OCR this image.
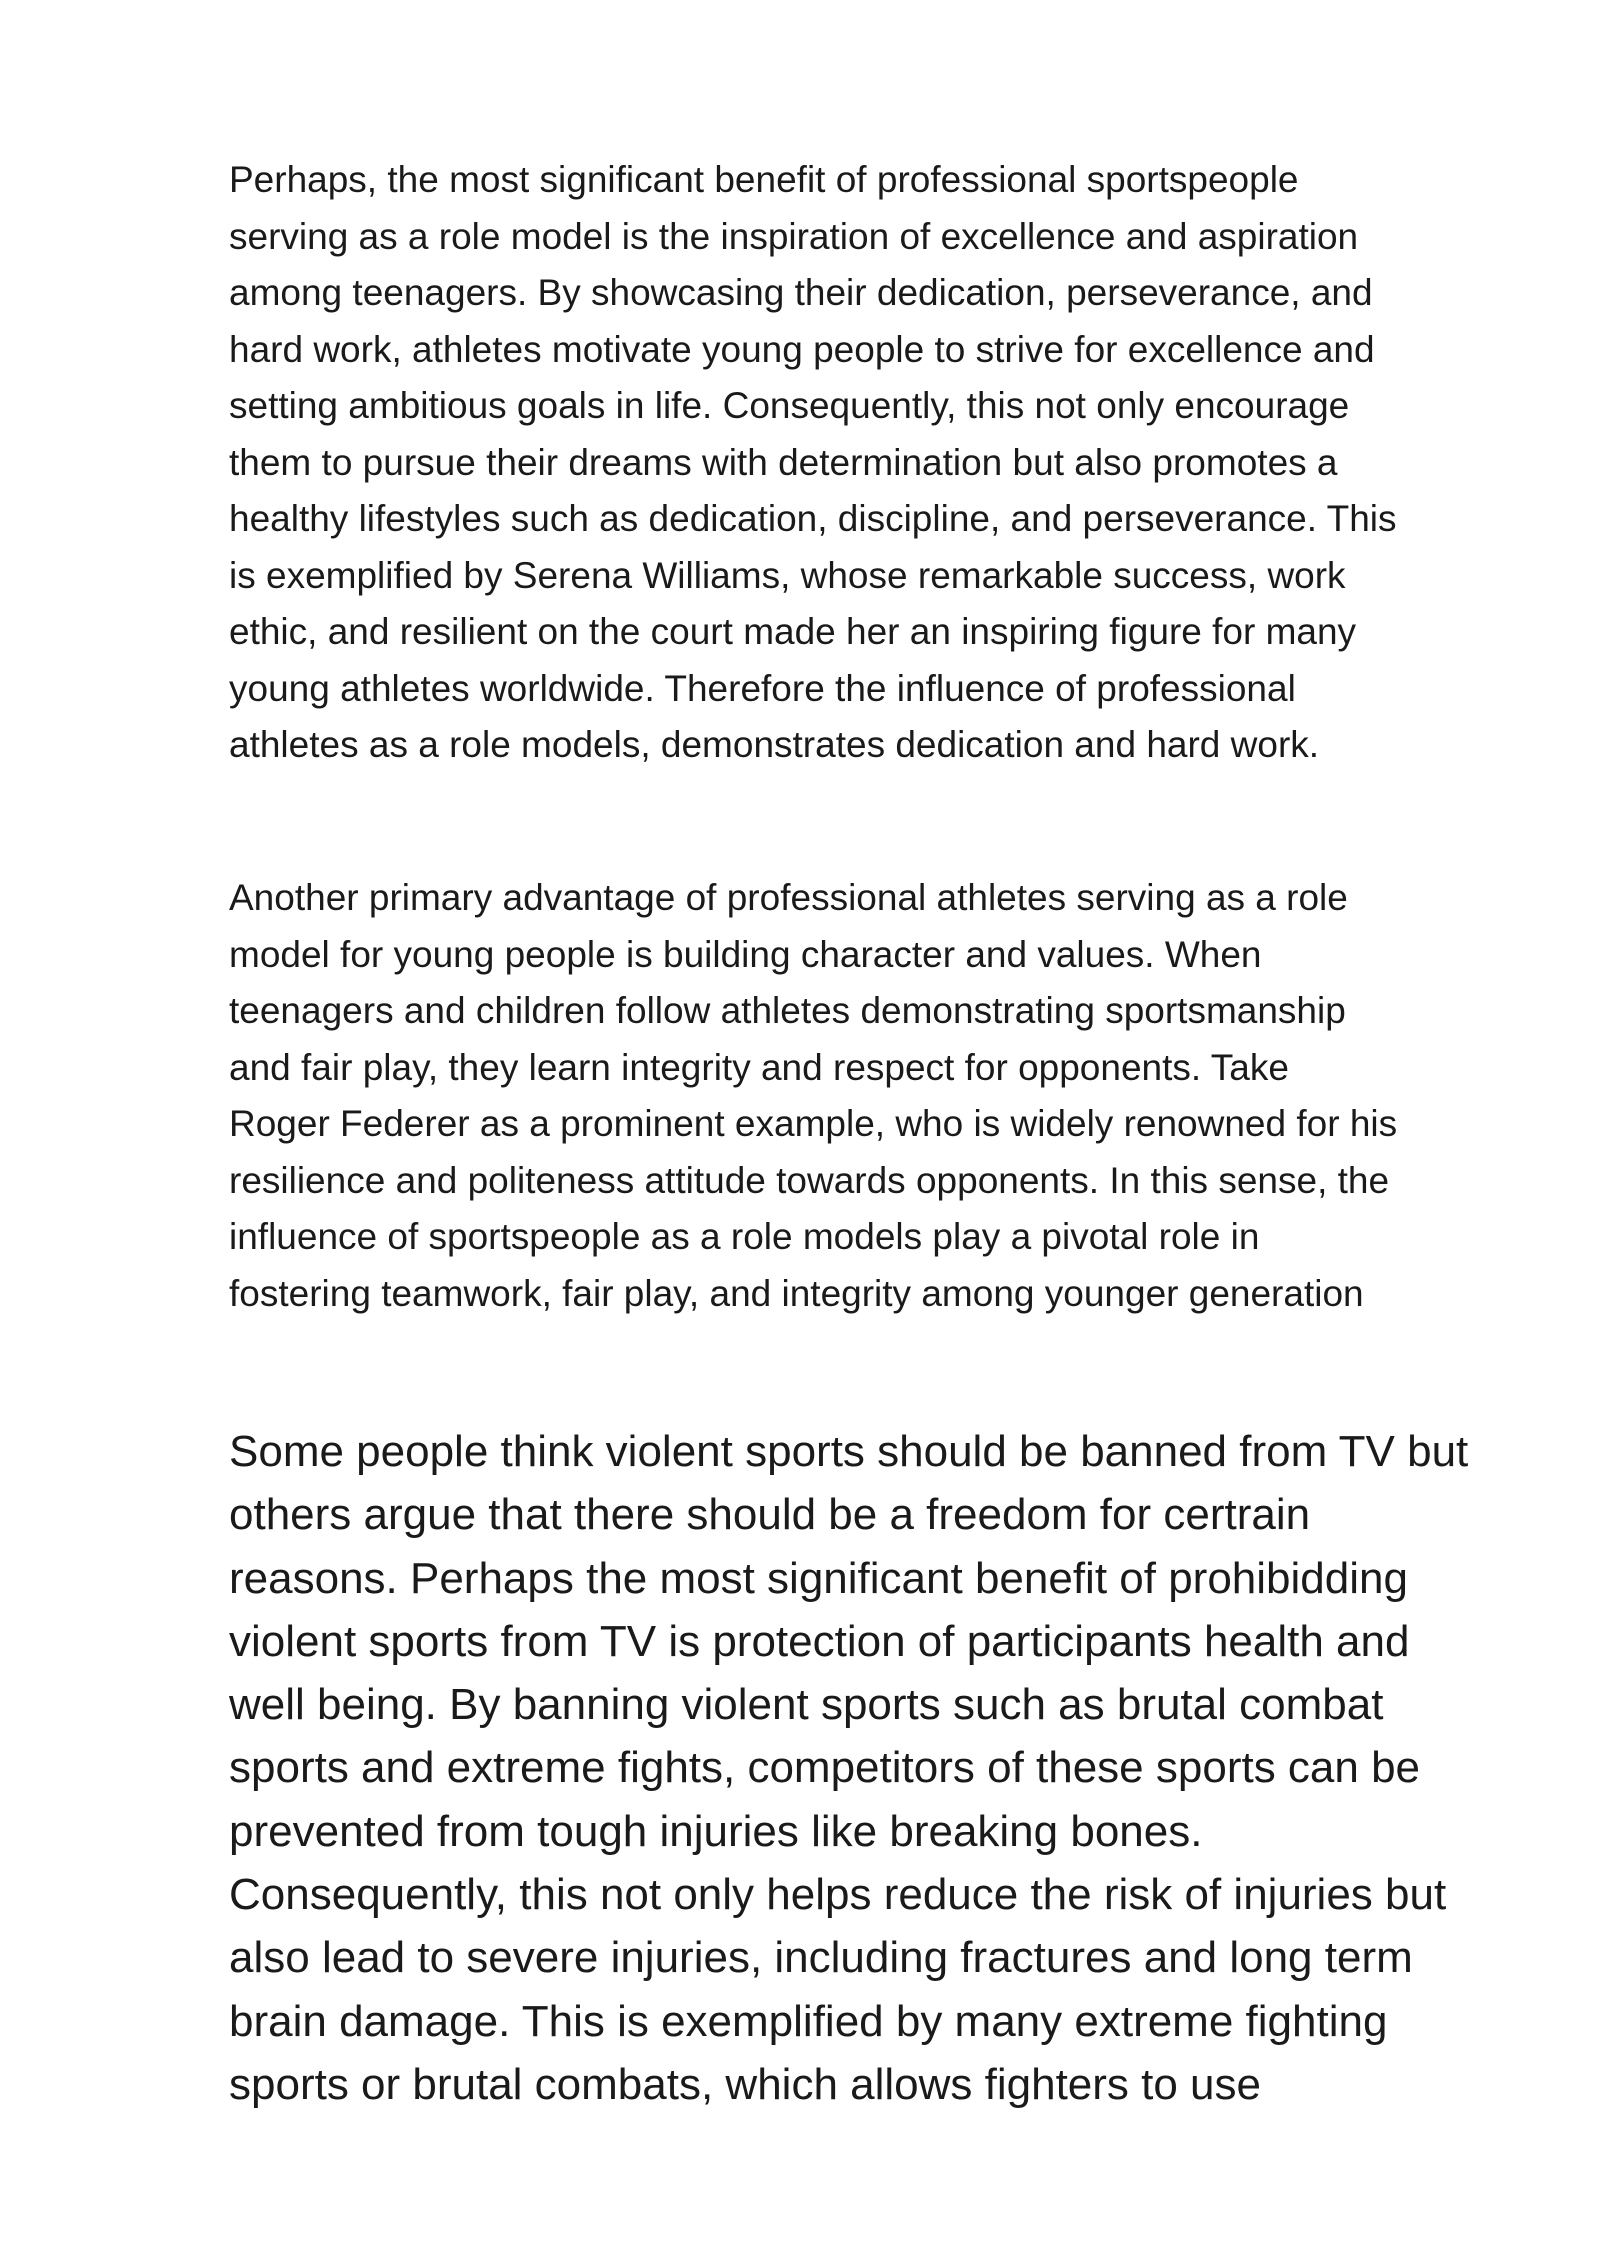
Perhaps, the most significant benefit of professional sportspeople
serving as a role model is the inspiration of excellence and aspiration
among teenagers. By showcasing their dedication, perseverance, and
hard work, athletes motivate young people to strive for excellence and
setting ambitious goals in life. Consequently, this not only encourage
them to pursue their dreams with determination but also promotes a
healthy lifestyles such as dedication, discipline, and perseverance. This
is exemplified by Serena Williams, whose remarkable success, work
ethic, and resilient on the court made her an inspiring figure for many
young athletes worldwide. Therefore the influence of professional
athletes as a role models, demonstrates dedication and hard work.

Another primary advantage of professional athletes serving as a role
model for young people is building character and values. When
teenagers and children follow athletes demonstrating sportsmanship
and fair play, they learn integrity and respect for opponents. Take
Roger Federer as a prominent example, who is widely renowned for his
resilience and politeness attitude towards opponents. In this sense, the
influence of sportspeople as a role models play a pivotal role in
fostering teamwork, fair play, and integrity among younger generation

Some people think violent sports should be banned from TV but
others argue that there should be a freedom for certrain
reasons. Perhaps the most significant benefit of prohibidding
violent sports from TV is protection of participants health and
well being. By banning violent sports such as brutal combat
sports and extreme fights, competitors of these sports can be
prevented from tough injuries like breaking bones.
Consequently, this not only helps reduce the risk of injuries but
also lead to severe injuries, including fractures and long term
brain damage. This is exemplified by many extreme fighting
sports or brutal combats, which allows fighters to use
